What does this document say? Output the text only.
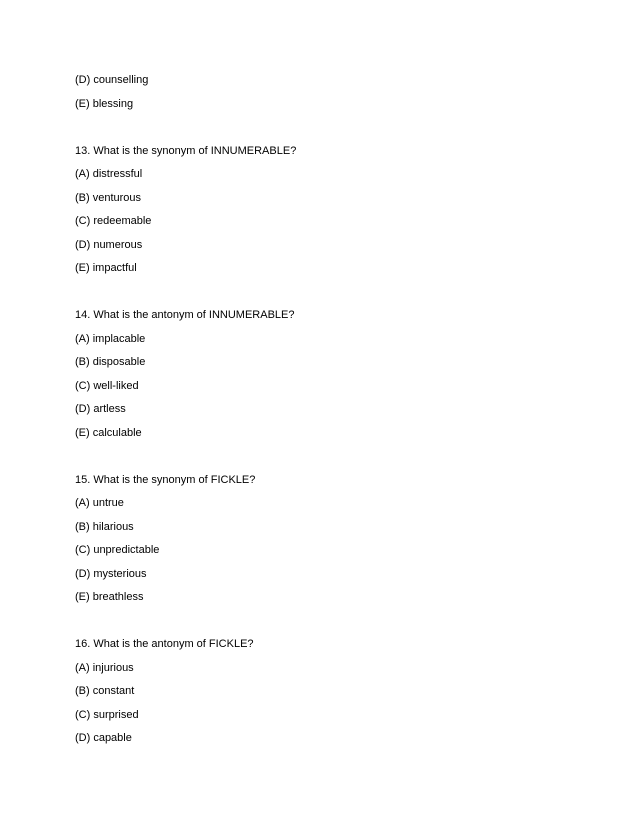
(D) counselling
(E) blessing
13. What is the synonym of INNUMERABLE?
(A) distressful
(B) venturous
(C) redeemable
(D) numerous
(E) impactful
14. What is the antonym of INNUMERABLE?
(A) implacable
(B) disposable
(C) well-liked
(D) artless
(E) calculable
15. What is the synonym of FICKLE?
(A) untrue
(B) hilarious
(C) unpredictable
(D) mysterious
(E) breathless
16. What is the antonym of FICKLE?
(A) injurious
(B) constant
(C) surprised
(D) capable
